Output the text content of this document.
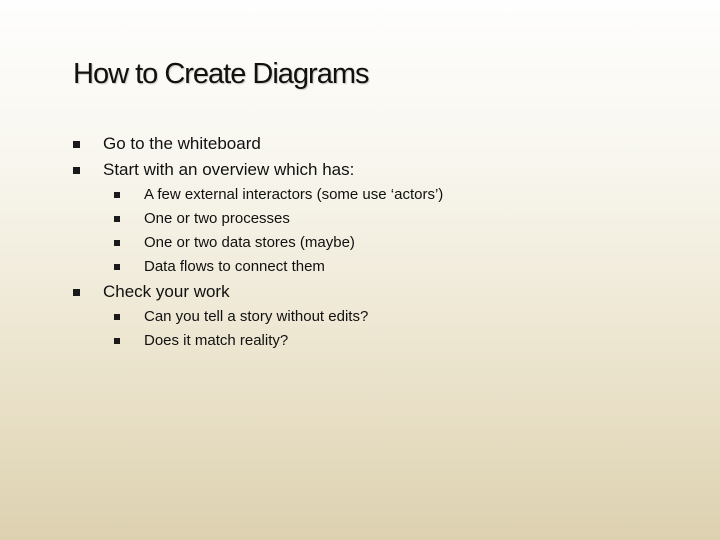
How to Create Diagrams
Go to the whiteboard
Start with an overview which has:
A few external interactors (some use ‘actors’)
One or two processes
One or two data stores (maybe)
Data flows to connect them
Check your work
Can you tell a story without edits?
Does it match reality?
